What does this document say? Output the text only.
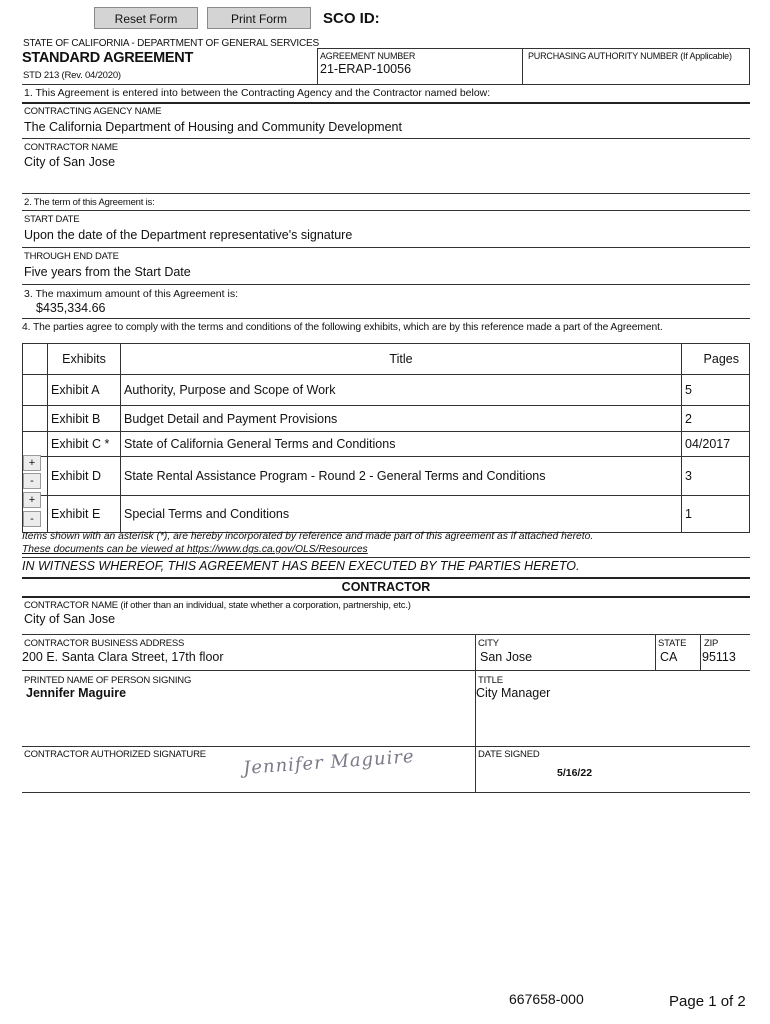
Reset Form	Print Form	SCO ID:
STATE OF CALIFORNIA - DEPARTMENT OF GENERAL SERVICES
STANDARD AGREEMENT
STD 213 (Rev. 04/2020)
AGREEMENT NUMBER
21-ERAP-10056
PURCHASING AUTHORITY NUMBER (If Applicable)
1. This Agreement is entered into between the Contracting Agency and the Contractor named below:
CONTRACTING AGENCY NAME
The California Department of Housing and Community Development
CONTRACTOR NAME
City of San Jose
2. The term of this Agreement is:
START DATE
Upon the date of the Department representative's signature
THROUGH END DATE
Five years from the Start Date
3. The maximum amount of this Agreement is:
$435,334.66
4. The parties agree to comply with the terms and conditions of the following exhibits, which are by this reference made a part of the Agreement.
	Exhibits	Title	Pages
	Exhibit A	Authority, Purpose and Scope of Work	5
	Exhibit B	Budget Detail and Payment Provisions	2
	Exhibit C *	State of California General Terms and Conditions	04/2017
	Exhibit D	State Rental Assistance Program - Round 2 - General Terms and Conditions	3
	Exhibit E	Special Terms and Conditions	1
+
-
+
-
Items shown with an asterisk (*), are hereby incorporated by reference and made part of this agreement as if attached hereto.
These documents can be viewed at https://www.dgs.ca.gov/OLS/Resources
IN WITNESS WHEREOF, THIS AGREEMENT HAS BEEN EXECUTED BY THE PARTIES HERETO.
CONTRACTOR
CONTRACTOR NAME (if other than an individual, state whether a corporation, partnership, etc.)
City of San Jose
CONTRACTOR BUSINESS ADDRESS
200 E. Santa Clara Street, 17th floor
CITY
San Jose
STATE
CA
ZIP
95113
PRINTED NAME OF PERSON SIGNING
Jennifer Maguire
TITLE
City Manager
CONTRACTOR AUTHORIZED SIGNATURE Jennifer Maguire	DATE SIGNED
5/16/22
667658-000	Page 1 of 2
